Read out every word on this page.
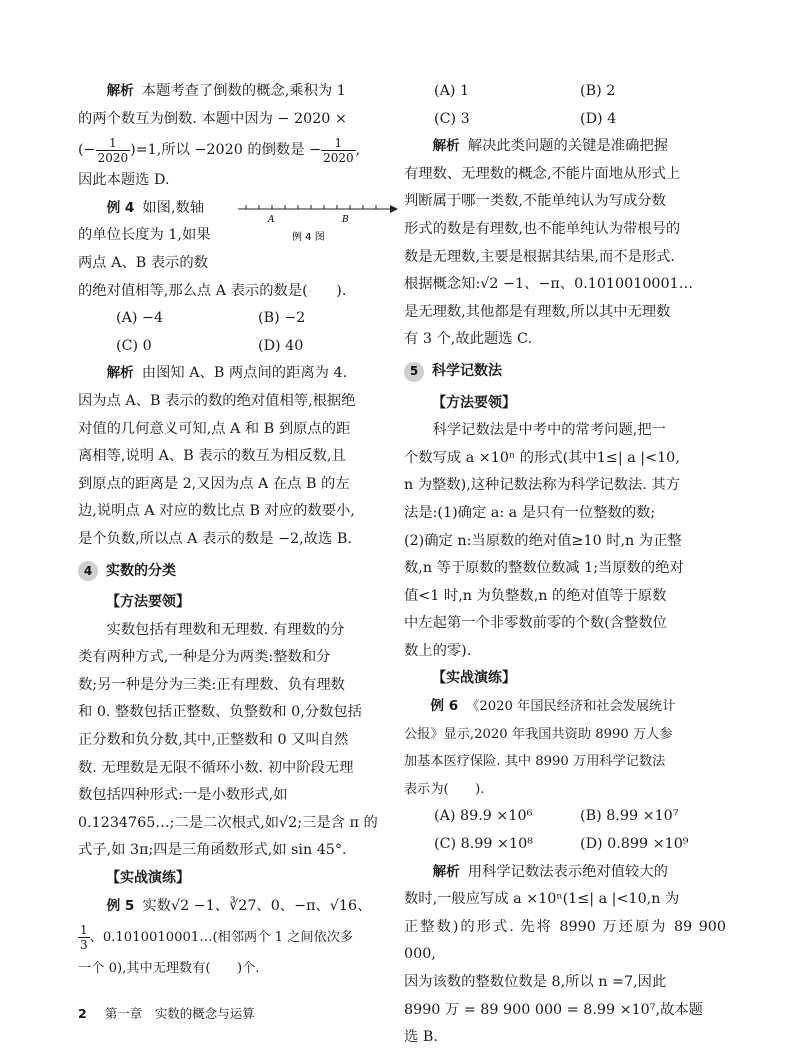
解析 本题考查了倒数的概念,乘积为 1

的两个数互为倒数. 本题中因为 − 2020 ×

(− $\frac{1}{2020} )=1$,所以 −2020 的倒数是 − $\frac{1}{2020}$ ,

因此本题选 D.

例 4 如图,数轴

的单位长度为 1,如果

两点 A、B 表示的数

的绝对值相等,那么点 A 表示的数是(　　).

A	B
例 4 图
(A) −4	(B) −2
(C) 0	(D) 40

解析 由图知 A、B 两点间的距离为 4.

因为点 A、B 表示的数的绝对值相等,根据绝

对值的几何意义可知,点 A 和 B 到原点的距

离相等,说明 A、B 表示的数互为相反数,且

到原点的距离是 2,又因为点 A 在点 B 的左

边,说明点 A 对应的数比点 B 对应的数要小,

是个负数,所以点 A 表示的数是 −2,故选 B.

4 实数的分类

【方法要领】

实数包括有理数和无理数. 有理数的分

类有两种方式,一种是分为两类:整数和分

数;另一种是分为三类:正有理数、负有理数

和 0. 整数包括正整数、负整数和 0,分数包括

正分数和负分数,其中,正整数和 0 又叫自然

数. 无理数是无限不循环小数. 初中阶段无理

数包括四种形式:一是小数形式,如

0.1234765…;二是二次根式,如√2;三是含 π 的

式子,如 3π;四是三角函数形式,如 sin 45°.

【实战演练】

例 5 实数√2 −1、∛27、0、−π、√16、

$\frac{1}{3}$ 、0.1010010001…(相邻两个 1 之间依次多

一个 0),其中无理数有(　　)个.

(A) 1	(B) 2
(C) 3	(D) 4

解析 解决此类问题的关键是准确把握

有理数、无理数的概念,不能片面地从形式上

判断属于哪一类数,不能单纯认为写成分数

形式的数是有理数,也不能单纯认为带根号的

数是无理数,主要是根据其结果,而不是形式.

根据概念知:√2 −1、−π、0.1010010001…

是无理数,其他都是有理数,所以其中无理数

有 3 个,故此题选 C.

5 科学记数法

【方法要领】

科学记数法是中考中的常考问题,把一

个数写成 a ×10ⁿ 的形式(其中1≤| a |<10,

n 为整数),这种记数法称为科学记数法. 其方

法是:(1)确定 a: a 是只有一位整数的数;

(2)确定 n:当原数的绝对值≥10 时,n 为正整

数,n 等于原数的整数位数减 1;当原数的绝对

值<1 时,n 为负整数,n 的绝对值等于原数

中左起第一个非零数前零的个数(含整数位

数上的零).

【实战演练】

例 6 《2020 年国民经济和社会发展统计

公报》显示,2020 年我国共资助 8990 万人参

加基本医疗保险. 其中 8990 万用科学记数法

表示为(　　).

(A) 89.9 ×10⁶	(B) 8.99 ×10⁷
(C) 8.99 ×10⁸	(D) 0.899 ×10⁹

解析 用科学记数法表示绝对值较大的

数时,一般应写成 a ×10ⁿ(1≤| a |<10,n 为

正整数)的形式. 先将 8990 万还原为 89 900 000,

因为该数的整数位数是 8,所以 n =7,因此

8990 万 = 89 900 000 = 8.99 ×10⁷,故本题

选 B.

2 第一章　实数的概念与运算
